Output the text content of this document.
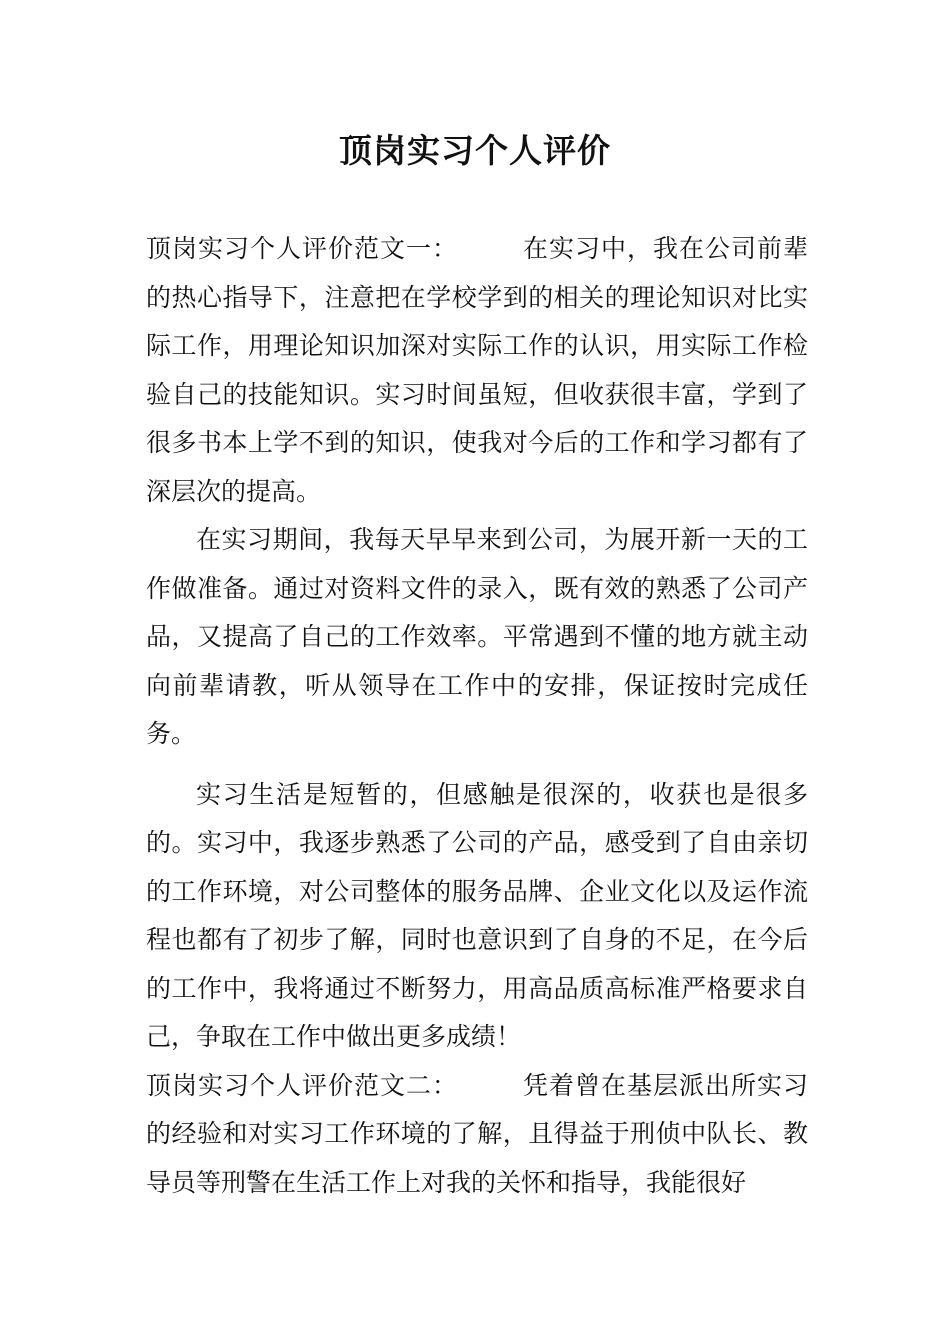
顶岗实习个人评价

顶岗实习个人评价范文一：	在实习中，我在公司前辈的热心指导下，注意把在学校学到的相关的理论知识对比实际工作，用理论知识加深对实际工作的认识，用实际工作检验自己的技能知识。实习时间虽短，但收获很丰富，学到了很多书本上学不到的知识，使我对今后的工作和学习都有了深层次的提高。

在实习期间，我每天早早来到公司，为展开新一天的工作做准备。通过对资料文件的录入，既有效的熟悉了公司产品，又提高了自己的工作效率。平常遇到不懂的地方就主动向前辈请教，听从领导在工作中的安排，保证按时完成任务。

实习生活是短暂的，但感触是很深的，收获也是很多的。实习中，我逐步熟悉了公司的产品，感受到了自由亲切的工作环境，对公司整体的服务品牌、企业文化以及运作流程也都有了初步了解，同时也意识到了自身的不足，在今后的工作中，我将通过不断努力，用高品质高标准严格要求自己，争取在工作中做出更多成绩！

顶岗实习个人评价范文二：	凭着曾在基层派出所实习的经验和对实习工作环境的了解，且得益于刑侦中队长、教导员等刑警在生活工作上对我的关怀和指导，我能很好
